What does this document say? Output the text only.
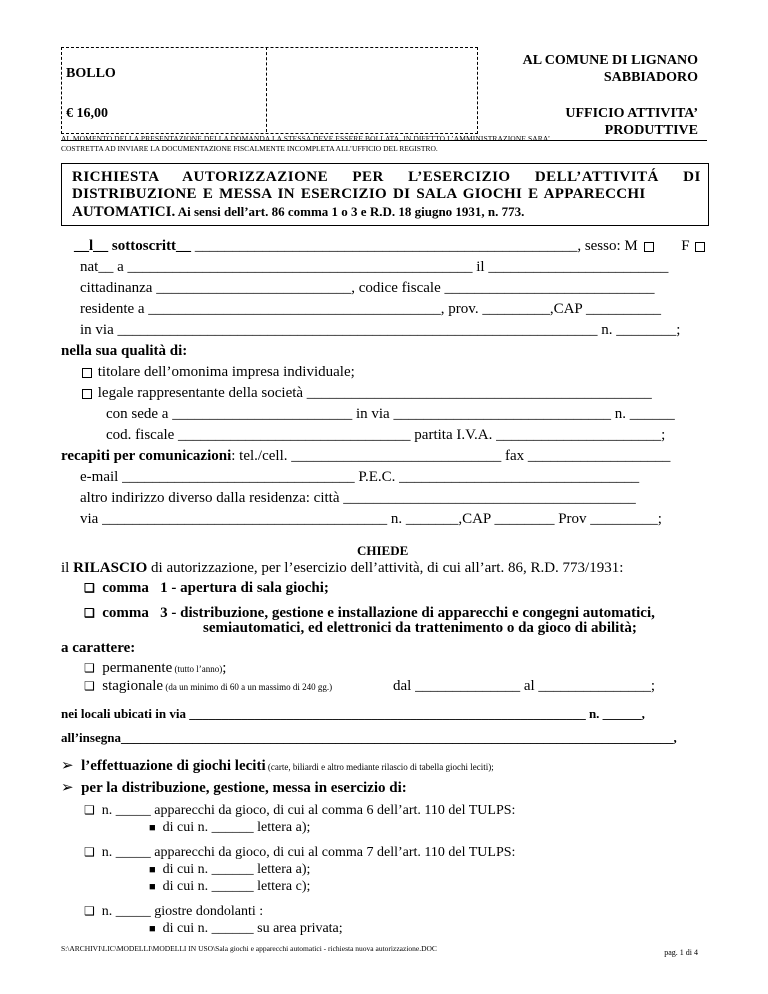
BOLLO
€ 16,00
AL COMUNE DI LIGNANO
SABBIADORO
UFFICIO ATTIVITA’
PRODUTTIVE
AL MOMENTO DELLA PRESENTAZIONE DELLA DOMANDA LA STESSA DEVE ESSERE BOLLATA, IN DIFETTO L’AMMINISTRAZIONE SARA’
COSTRETTA AD INVIARE LA DOCUMENTAZIONE FISCALMENTE INCOMPLETA ALL’UFFICIO DEL REGISTRO.
RICHIESTA AUTORIZZAZIONE PER L’ESERCIZIO DELL’ATTIVITÁ DI
DISTRIBUZIONE E MESSA IN ESERCIZIO DI SALA GIOCHI E APPARECCHI
AUTOMATICI. Ai sensi dell’art. 86 comma 1 o 3 e R.D. 18 giugno 1931, n. 773.
__l__ sottoscritt__ ___________________________________________________, sesso: M	F
nat__ a ______________________________________________ il ________________________
cittadinanza __________________________, codice fiscale ____________________________
residente a _______________________________________, prov. _________,CAP __________
in via ________________________________________________________________ n. ________;
nella sua qualità di:
titolare dell’omonima impresa individuale;
legale rappresentante della società ______________________________________________
con sede a ________________________ in via _____________________________ n. ______
cod. fiscale _______________________________ partita I.V.A. ______________________;
recapiti per comunicazioni: tel./cell. ____________________________ fax ___________________
e-mail _______________________________ P.E.C. ________________________________
altro indirizzo diverso dalla residenza: città _______________________________________
via ______________________________________ n. _______,CAP ________ Prov _________;
CHIEDE
il RILASCIO di autorizzazione, per l’esercizio dell’attività, di cui all’art. 86, R.D. 773/1931:
❑ comma   1 - apertura di sala giochi;
❑ comma   3 - distribuzione, gestione e installazione di apparecchi e congegni automatici,
semiautomatici, ed elettronici da trattenimento o da gioco di abilità;
a carattere:
❑ permanente (tutto l’anno);
❑ stagionale (da un minimo di 60 a un massimo di 240 gg.)	dal ______________ al _______________;
nei locali ubicati in via _____________________________________________________________ n. ______,
all’insegna_____________________________________________________________________________________,
➢ l’effettuazione di giochi leciti (carte, biliardi e altro mediante rilascio di tabella giochi leciti);
➢ per la distribuzione, gestione, messa in esercizio di:
❑ n. _____ apparecchi da gioco, di cui al comma 6 dell’art. 110 del TULPS:
■ di cui n. ______ lettera a);
❑ n. _____ apparecchi da gioco, di cui al comma 7 dell’art. 110 del TULPS:
■ di cui n. ______ lettera a);
■ di cui n. ______ lettera c);
❑ n. _____ giostre dondolanti :
■ di cui n. ______ su area privata;
S:\ARCHIVI\LIC\MODELLI\MODELLI IN USO\Sala giochi e apparecchi automatici - richiesta nuova autorizzazione.DOC	pag. 1 di 4
